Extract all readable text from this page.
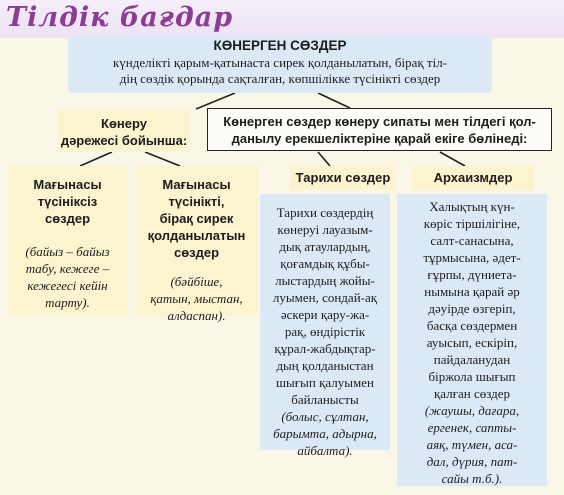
Тілдік бағдар
КӨНЕРГЕН СӨЗДЕР
күнделікті қарым-қатынаста сирек қолданылатын, бірақ тіл-
дің сөздік қорында сақталған, көпшілікке түсінікті сөздер
Көнеру
дәрежесі бойынша:
Көнерген сөздер көнеру сипаты мен тілдегі қол-
данылу ерекшеліктеріне қарай екіге бөлінеді:
Мағынасы
түсініксіз
сөздер
(байыз – байыз
табу, кежеге –
кежегесі кейін
тарту).
Мағынасы
түсінікті,
бірақ сирек
қолданылатын
сөздер
(бәйбіше,
қатын, мыстан,
алдаспан).
Тарихи сөздер
Тарихи сөздердің
көнеруі лауазым-
дық атаулардың,
қоғамдық құбы-
лыстардың жойы-
луымен, сондай-ақ
әскери қару-жа-
рақ, өндірістік
құрал-жабдықтар-
дың қолданыстан
шығып қалуымен
байланысты
(болыс, сұлтан,
барымта, адырна,
айбалта).
Архаизмдер
Халықтың күн-
көріс тіршілігіне,
салт-санасына,
тұрмысына, әдет-
ғұрпы, дүниета-
нымына қарай әр
дәуірде өзгеріп,
басқа сөздермен
ауысып, ескіріп,
пайдаланудан
біржола шығып
қалған сөздер
(жаушы, дағара,
ергенек, сапты-
аяқ, түмен, аса-
дал, дүрия, пат-
сайы т.б.).
